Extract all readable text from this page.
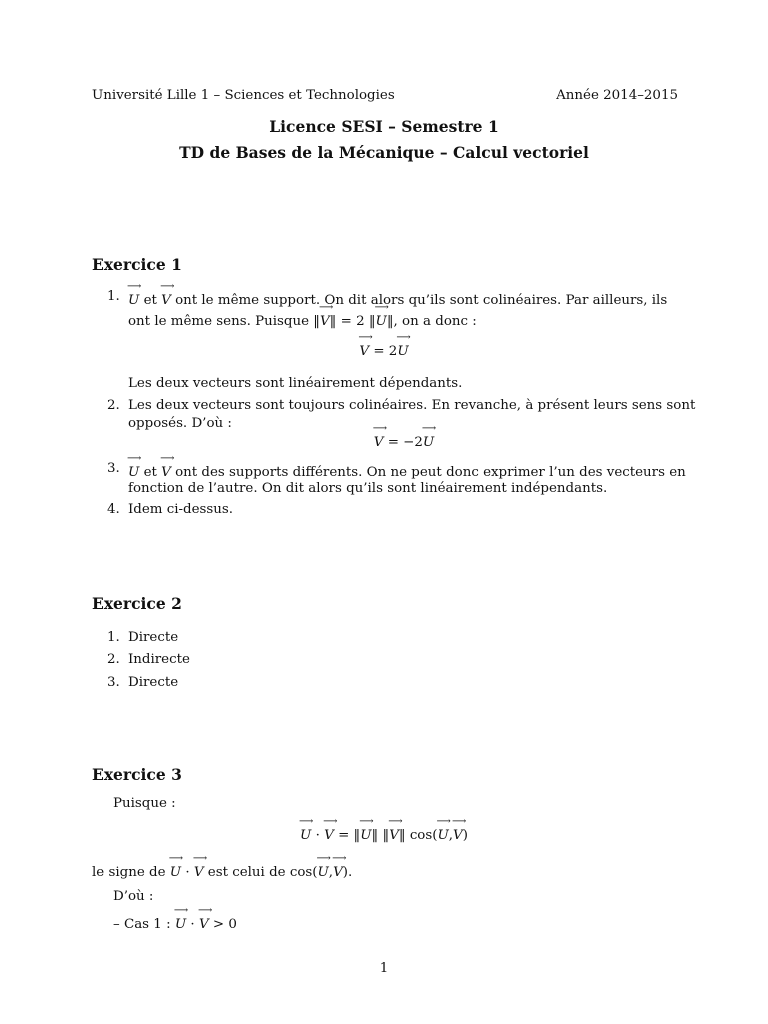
Université Lille 1 – Sciences et Technologies	Année 2014–2015
Licence SESI – Semestre 1
TD de Bases de la Mécanique – Calcul vectoriel
Exercice 1
1. ⟶ U et ⟶ V ont le même support. On dit alors qu’ils sont colinéaires. Par ailleurs, ils
ont le même sens. Puisque ‖⟶ V‖ = 2 ‖⟶ U‖, on a donc :
⟶ V = 2⟶ U
Les deux vecteurs sont linéairement dépendants.
2. Les deux vecteurs sont toujours colinéaires. En revanche, à présent leurs sens sont
opposés. D’où :
⟶ V = −2⟶ U
3. ⟶ U et ⟶ V ont des supports différents. On ne peut donc exprimer l’un des vecteurs en
fonction de l’autre. On dit alors qu’ils sont linéairement indépendants.
4. Idem ci-dessus.
Exercice 2
1. Directe
2. Indirecte
3. Directe
Exercice 3
Puisque :
⟶ U · ⟶ V = ‖⟶ U‖ ‖⟶ V‖ cos(⟶ U,⟶ V)
le signe de ⟶ U · ⟶ V est celui de cos(⟶ U,⟶ V).
D’où :
– Cas 1 : ⟶ U · ⟶ V > 0
1
